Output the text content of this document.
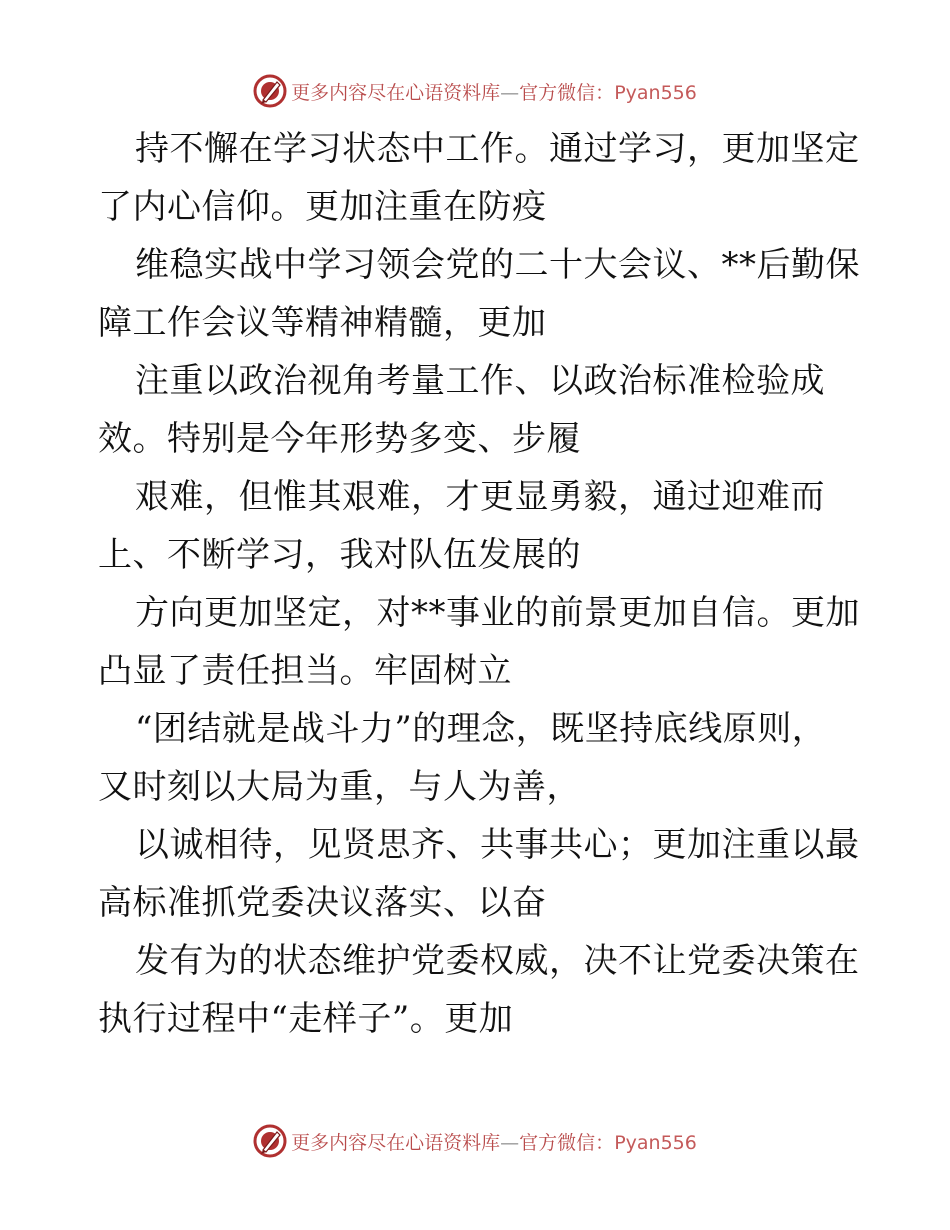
更多内容尽在心语资料库—官方微信：Pyan556
持不懈在学习状态中工作。通过学习，更加坚定
了内心信仰。更加注重在防疫
维稳实战中学习领会党的二十大会议、**后勤保
障工作会议等精神精髓，更加
注重以政治视角考量工作、以政治标准检验成
效。特别是今年形势多变、步履
艰难，但惟其艰难，才更显勇毅，通过迎难而
上、不断学习，我对队伍发展的
方向更加坚定，对**事业的前景更加自信。更加
凸显了责任担当。牢固树立
“团结就是战斗力”的理念，既坚持底线原则，
又时刻以大局为重，与人为善，
以诚相待，见贤思齐、共事共心；更加注重以最
高标准抓党委决议落实、以奋
发有为的状态维护党委权威，决不让党委决策在
执行过程中“走样子”。更加
更多内容尽在心语资料库—官方微信：Pyan556
